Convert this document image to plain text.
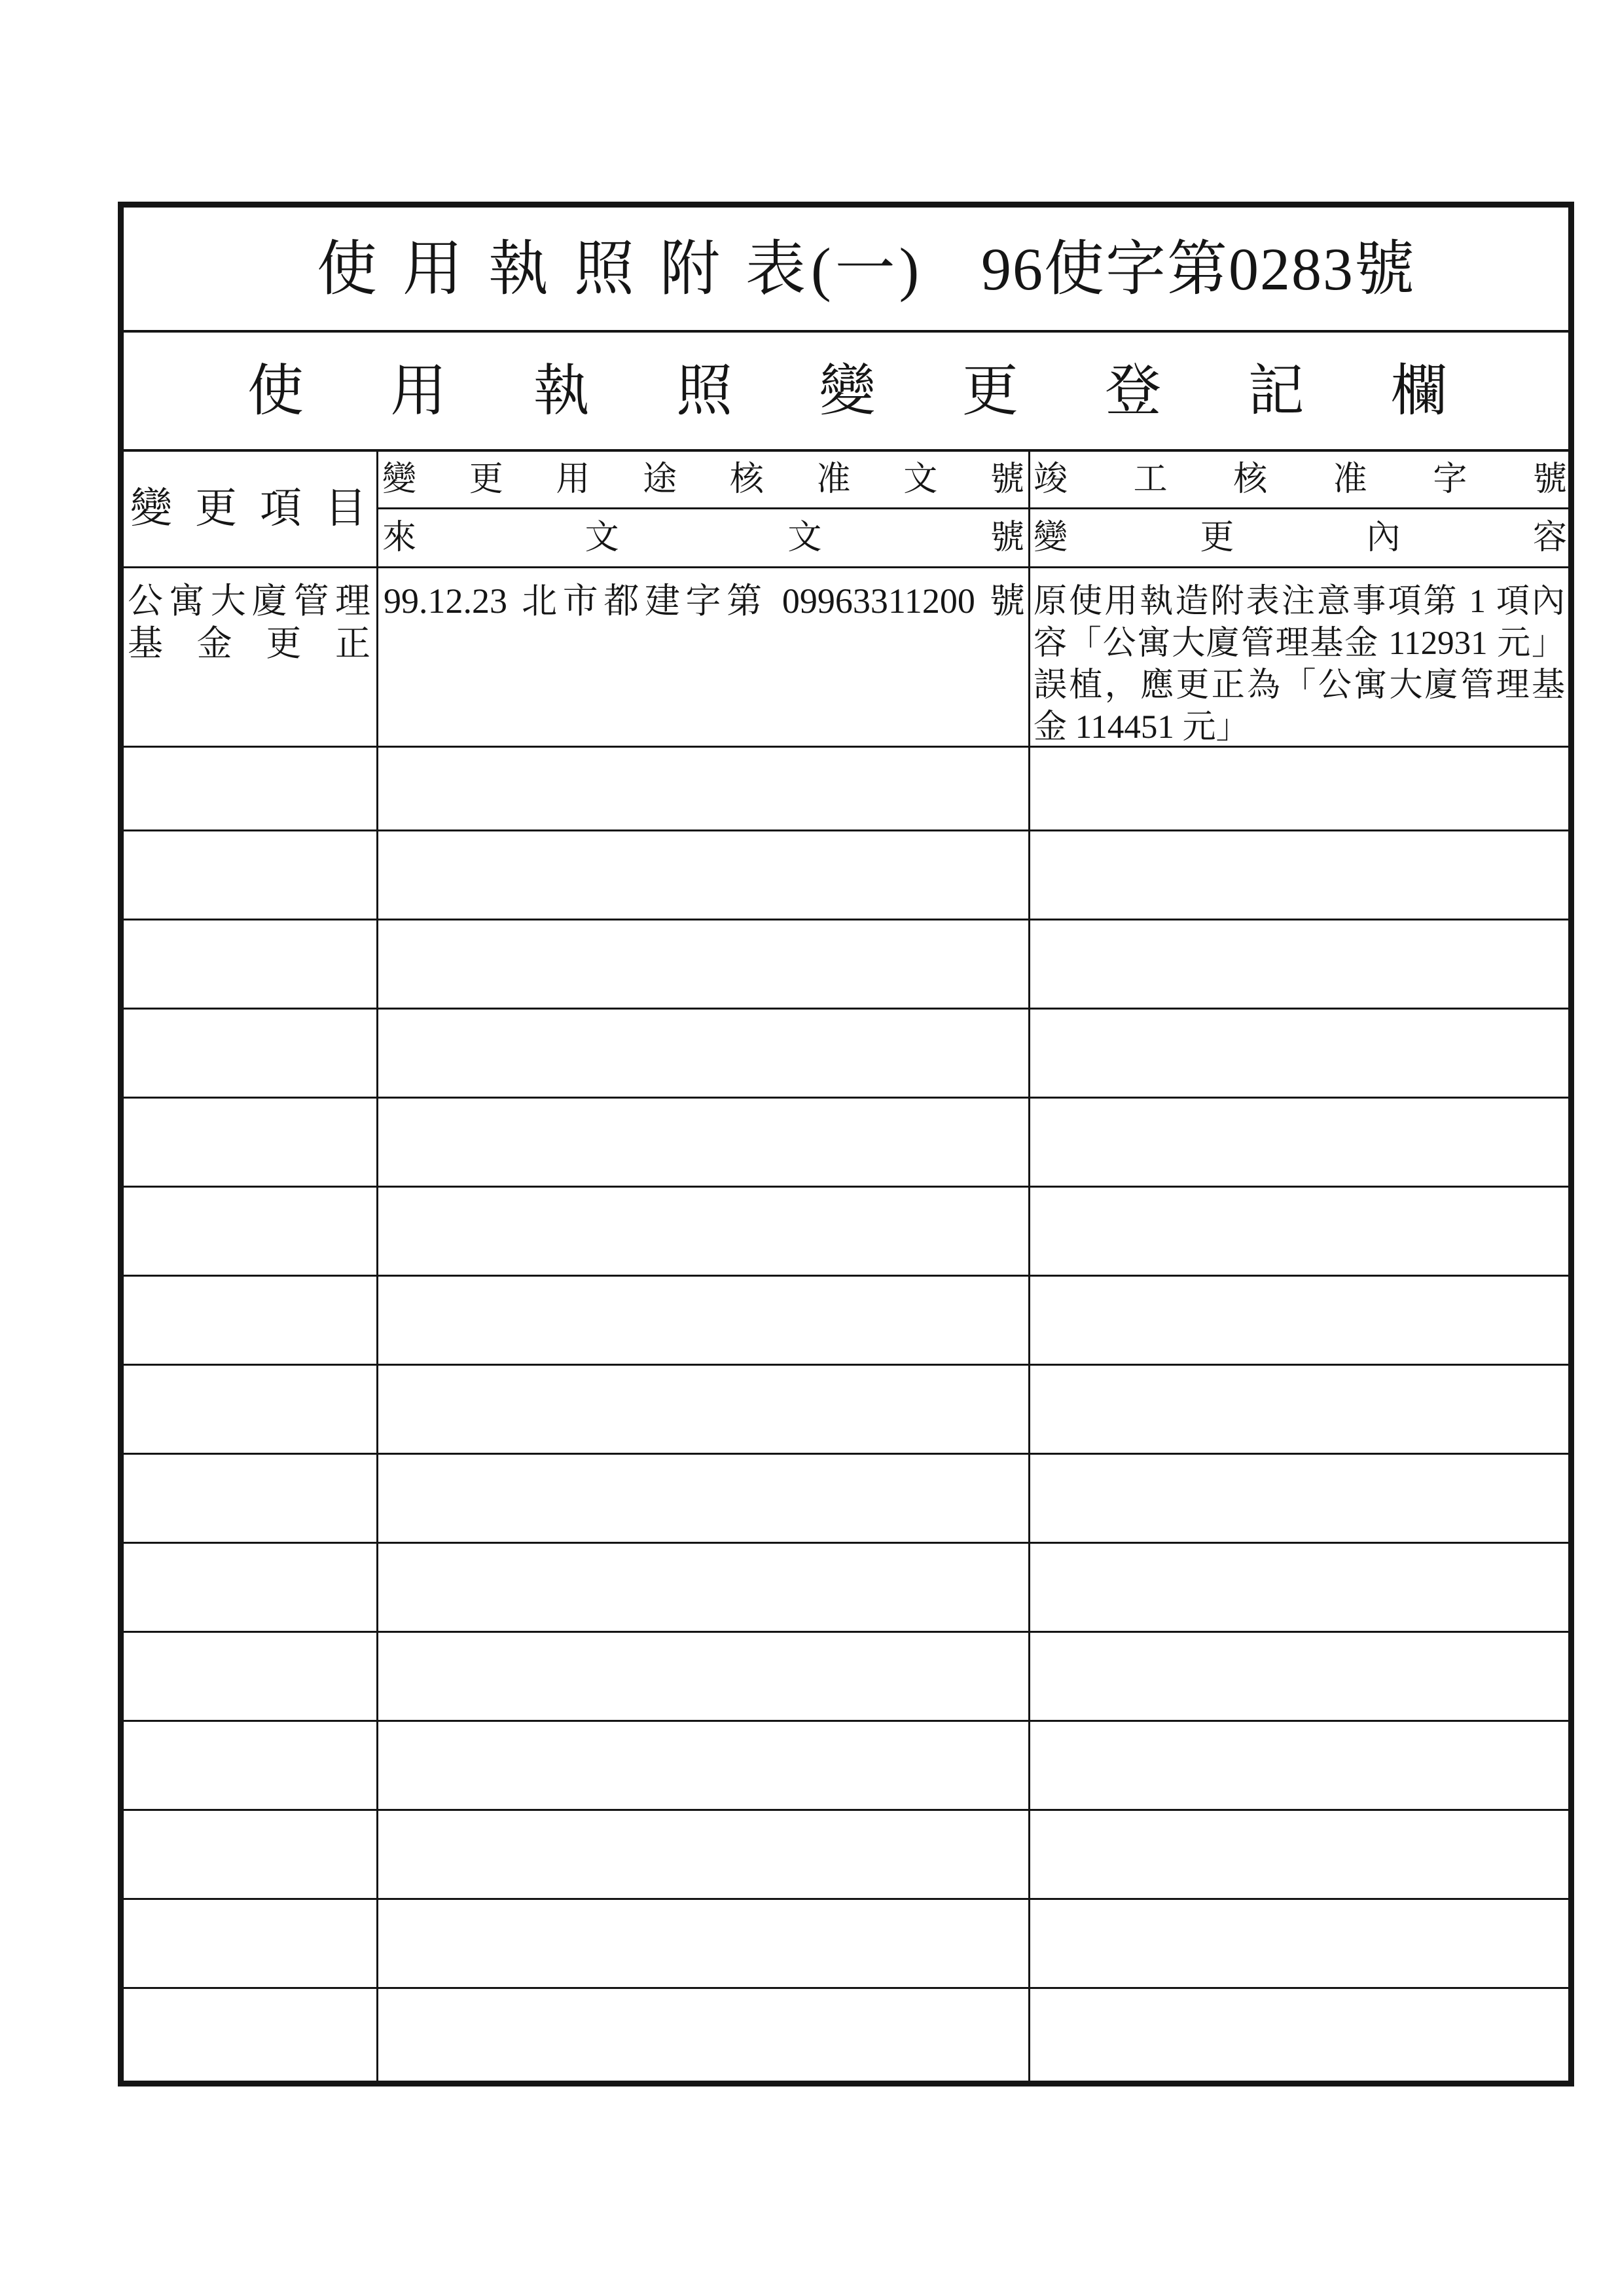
使用執照附表
(一) 96使字第0283號
使用執照變更登記欄
變更項目
變更用途核准文號
來文文號
竣工核准字號
變更內容
公寓大廈管理
基金更正
99.12.23 北市都建字第 09963311200 號 原使用執造附表注意事項第 1 項內
容「公寓大廈管理基金 112931 元」
誤植，應更正為「公寓大廈管理基
金 114451 元」
